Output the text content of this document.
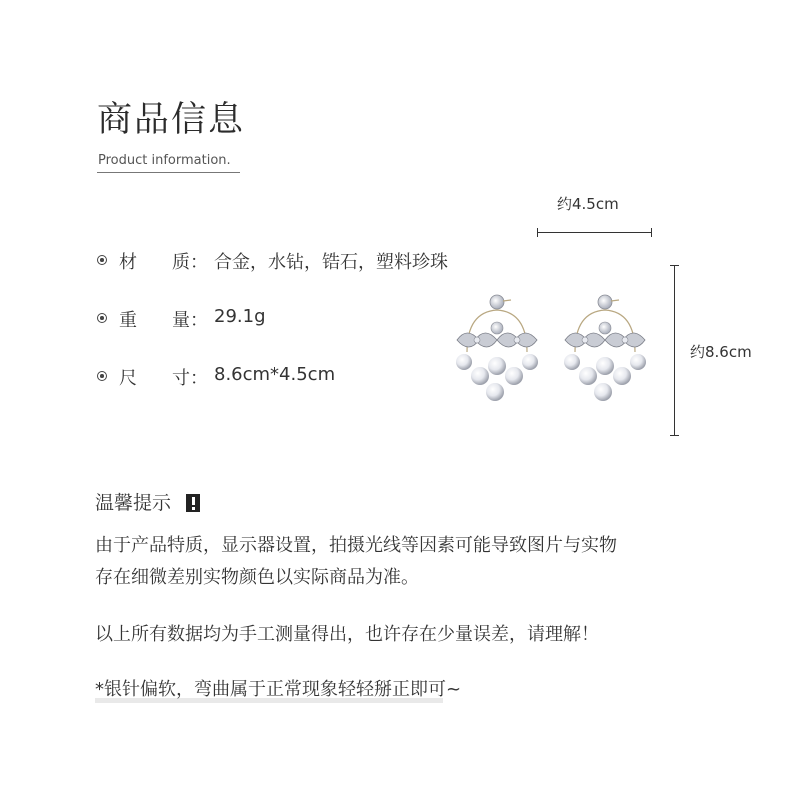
商品信息
Product information.
材 质 ： 合金，水钻，锆石，塑料珍珠
重 量 ： 29.1g
尺 寸 ： 8.6cm*4.5cm
约4.5cm
约8.6cm
温馨提示
由于产品特质，显示器设置，拍摄光线等因素可能导致图片与实物
存在细微差别实物颜色以实际商品为准。
以上所有数据均为手工测量得出，也许存在少量误差，请理解！
*银针偏软，弯曲属于正常现象轻轻掰正即可~
